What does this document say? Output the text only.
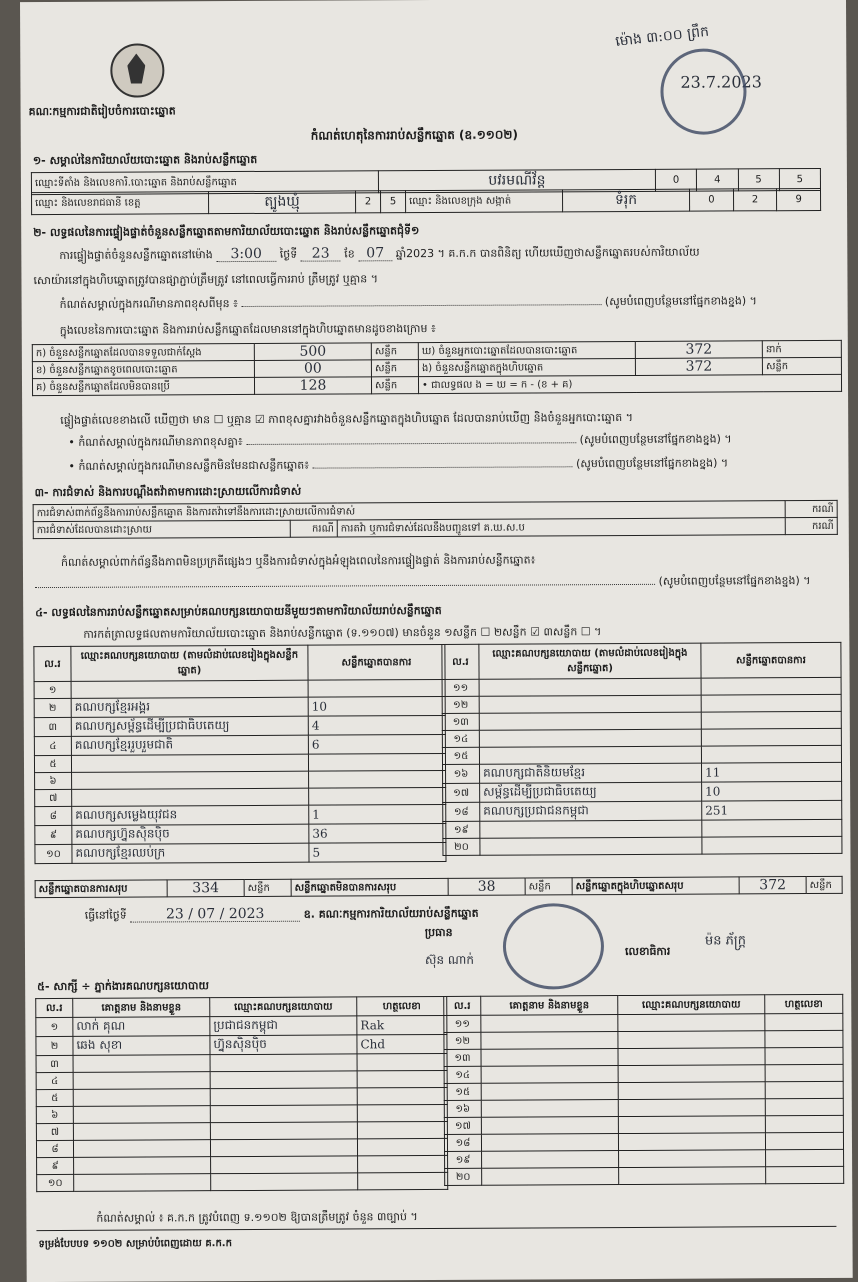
គណៈកម្មការជាតិរៀបចំការបោះឆ្នោត
កំណត់ហេតុនៃការរាប់សន្លឹកឆ្នោត (ឧ.១១០២)
ម៉ោង ៣:០០ ព្រឹក
23.7.2023
១- សម្គាល់នៃការិយាល័យបោះឆ្នោត និងរាប់សន្លឹកឆ្នោត
ឈ្មោះទីតាំង និងលេខការិ.បោះឆ្នោត និងរាប់សន្លឹកឆ្នោត	បវរមណីវ័ន្ត	0	4	5	5
ឈ្មោះ និងលេខរាជធានី ខេត្ត	ត្បូងឃ្មុំ	2	5	ឈ្មោះ និងលេខក្រុង សង្កាត់	ទំរុក	0	2	9
២- លទ្ធផលនៃការផ្ទៀងផ្ទាត់ចំនួនសន្លឹកឆ្នោតតាមការិយាល័យបោះឆ្នោត និងរាប់សន្លឹកឆ្នោតជុំទី១
ការផ្ទៀងផ្ទាត់ចំនួនសន្លឹកឆ្នោតនៅម៉ោង 3:00 ថ្ងៃទី 23 ខែ 07 ឆ្នាំ2023 ។ គ.ក.ក បានពិនិត្យ ហើយឃើញថាសន្លឹកឆ្នោតរបស់ការិយាល័យ
សោយ៉ារនៅក្នុងហិបឆ្នោតត្រូវបានផ្សាភ្ជាប់ត្រឹមត្រូវ នៅពេលធ្វើការរាប់ ត្រឹមត្រូវ ឬគ្មាន ។
កំណត់សម្គាល់ក្នុងករណីមានភាពខុសពីមុន ៖	(សូមបំពេញបន្ថែមនៅផ្នែកខាងខ្នង) ។
ក្នុងលេខនៃការបោះឆ្នោត និងការរាប់សន្លឹកឆ្នោតដែលមាននៅក្នុងហិបឆ្នោតមានដូចខាងក្រោម ៖
ក) ចំនួនសន្លឹកឆ្នោតដែលបានទទួលជាក់ស្តែង	500	សន្លឹក	ឃ) ចំនួនអ្នកបោះឆ្នោតដែលបានបោះឆ្នោត	372	នាក់
ខ) ចំនួនសន្លឹកឆ្នោតខូចពេលបោះឆ្នោត	00	សន្លឹក	ង) ចំនួនសន្លឹកឆ្នោតក្នុងហិបឆ្នោត	372	សន្លឹក
គ) ចំនួនសន្លឹកឆ្នោតដែលមិនបានប្រើ	128	សន្លឹក	• ជាលទ្ធផល ង = ឃ = ក - (ខ + គ)		
ផ្ទៀងផ្ទាត់លេខខាងលើ ឃើញថា មាន ☐ ឬគ្មាន ☑ ភាពខុសគ្នារវាងចំនួនសន្លឹកឆ្នោតក្នុងហិបឆ្នោត ដែលបានរាប់ឃើញ និងចំនួនអ្នកបោះឆ្នោត ។
• កំណត់សម្គាល់ក្នុងករណីមានភាពខុសគ្នា៖	(សូមបំពេញបន្ថែមនៅផ្នែកខាងខ្នង) ។
• កំណត់សម្គាល់ក្នុងករណីមានសន្លឹកមិនមែនជាសន្លឹកឆ្នោត៖	(សូមបំពេញបន្ថែមនៅផ្នែកខាងខ្នង) ។
៣- ការជំទាស់ និងការបណ្តឹងតវ៉ាតាមការដោះស្រាយលើការជំទាស់
ការជំទាស់ពាក់ព័ន្ធនឹងការរាប់សន្លឹកឆ្នោត និងការតវ៉ាទៅនឹងការដោះស្រាយលើការជំទាស់			ករណី
ការជំទាស់ដែលបានដោះស្រាយ	ករណី	ការតវ៉ា ឬការជំទាស់ដែលនឹងបញ្ជូនទៅ គ.ឃ.ស.ប	ករណី
កំណត់សម្គាល់ពាក់ព័ន្ធនឹងភាពមិនប្រក្រតីផ្សេងៗ ឬនឹងការជំទាស់ក្នុងអំឡុងពេលនៃការផ្ទៀងផ្ទាត់ និងការរាប់សន្លឹកឆ្នោត៖
(សូមបំពេញបន្ថែមនៅផ្នែកខាងខ្នង) ។
៤- លទ្ធផលនៃការរាប់សន្លឹកឆ្នោតសម្រាប់គណបក្សនយោបាយនីមួយៗតាមការិយាល័យរាប់សន្លឹកឆ្នោត
ការកត់ត្រាលទ្ធផលតាមការិយាល័យបោះឆ្នោត និងរាប់សន្លឹកឆ្នោត (ទ.១១០៧) មានចំនួន ១សន្លឹក ☐ ២សន្លឹក ☑ ៣សន្លឹក ☐ ។
ល.រ	ឈ្មោះគណបក្សនយោបាយ (តាមលំដាប់លេខរៀងក្នុងសន្លឹកឆ្នោត)	សន្លឹកឆ្នោតបានការ
១		
២	គណបក្សខ្មែរអង្គរ	10
៣	គណបក្សសម្ព័ន្ធដើម្បីប្រជាធិបតេយ្យ	4
៤	គណបក្សខ្មែររួបរួមជាតិ	6
៥		
៦		
៧		
៨	គណបក្សសម្លេងយុវជន	1
៩	គណបក្សហ្វ៊ុនស៊ិនប៉ិច	36
១០	គណបក្សខ្មែរឈប់ក្រ	5
ល.រ	ឈ្មោះគណបក្សនយោបាយ (តាមលំដាប់លេខរៀងក្នុងសន្លឹកឆ្នោត)	សន្លឹកឆ្នោតបានការ
១១		
១២		
១៣		
១៤		
១៥		
១៦	គណបក្សជាតិនិយមខ្មែរ	11
១៧	សម្ព័ន្ធដើម្បីប្រជាធិបតេយ្យ	10
១៨	គណបក្សប្រជាជនកម្ពុជា	251
១៩		
២០		
សន្លឹកឆ្នោតបានការសរុប	334	សន្លឹក	សន្លឹកឆ្នោតមិនបានការសរុប	38	សន្លឹក	សន្លឹកឆ្នោតក្នុងហិបឆ្នោតសរុប	372	សន្លឹក
ធ្វើនៅថ្ងៃទី	23 / 07 / 2023	ឧ. គណៈកម្មការការិយាល័យរាប់សន្លឹកឆ្នោត
ប្រធាន
ស៊ុន ណាក់
លេខាធិការ
ម៉ន ភ័ក្ត្រ
៥- សាក្សី ÷ ភ្នាក់ងារគណបក្សនយោបាយ
ល.រ	គោត្តនាម និងនាមខ្លួន	ឈ្មោះគណបក្សនយោបាយ	ហត្ថលេខា
១	លាក់ គុណ	ប្រជាជនកម្ពុជា	Rak
២	ឆេង សុខា	ហ្វ៊ុនស៊ិនប៉ិច	Chd
៣			
៤			
៥			
៦			
៧			
៨			
៩			
១០			
ល.រ	គោត្តនាម និងនាមខ្លួន	ឈ្មោះគណបក្សនយោបាយ	ហត្ថលេខា
១១			
១២			
១៣			
១៤			
១៥			
១៦			
១៧			
១៨			
១៩			
២០			
កំណត់សម្គាល់ ៖ គ.ក.ក ត្រូវបំពេញ ទ.១១០២ ឱ្យបានត្រឹមត្រូវ ចំនួន ៣ច្បាប់ ។
ទម្រង់បែបបទ ១១០២ សម្រាប់បំពេញដោយ គ.ក.ក
